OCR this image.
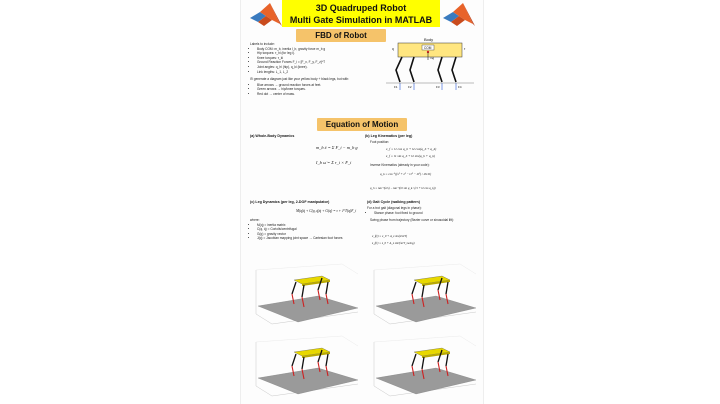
3D Quadruped Robot
Multi Gate Simulation in MATLAB
FBD of Robot
Labels to include:
• Body COM: m_b, inertia I_b, gravity force m_b g
• Hip torques: τ_hi (for leg i).
• Knee torques: τ_ki
• Ground Reaction Forces F_i = [F_x, F_y, F_z]^T
• Joint angles: q_hi (hip), q_ki (knee).
• Link lengths: L_1, L_2
I'll generate a diagram just like your yellow body + black legs, but with:
• Blue arrows → ground reaction forces at feet.
• Green arrows → hip/knee torques.
• Red dot → center of mass.
Body
COM
mg
q	τ
F1	F2	F3	F4
Equation of Motion
(a) Whole-Body Dynamics
m_b ẍ = Σ F_i − m_b g
I_b ω̇ = Σ r_i × F_i
(b) Leg Kinematics (per leg)
Foot position:
x_f = l1 cos q_h + l2 cos(q_h + q_k)
z_f = l1 sin q_h + l2 sin(q_h + q_k)
Inverse Kinematics (already in your code):
q_k = cos⁻¹((x² + z² − l1² − l2²) / 2l1l2)
q_h = tan⁻¹(z/x) − tan⁻¹(l2 sin q_k / (l1 + l2 cos q_k))
(c) Leg Dynamics (per leg, 2-DOF manipulator)
M(q)q̈ + C(q, q̇)q̇ + G(q) = τ + J^T(q)F_i
where:
• M(q) = inertia matrix
• C(q, q̇) = Coriolis/centrifugal
• G(q) = gravity vector
• J(q) = Jacobian mapping joint space → Cartesian foot forces
(d) Gait Cycle (walking pattern)
For a trot gait (diagonal legs in phase):
• Stance phase: foot fixed to ground
Swing phase from trajectory (Bezier curve or sinusoidal lift):
x_f(t) = x_0 + A_x sin(2πt/T)
z_f(t) = z_0 + A_z sin²(πt/T_swing)
